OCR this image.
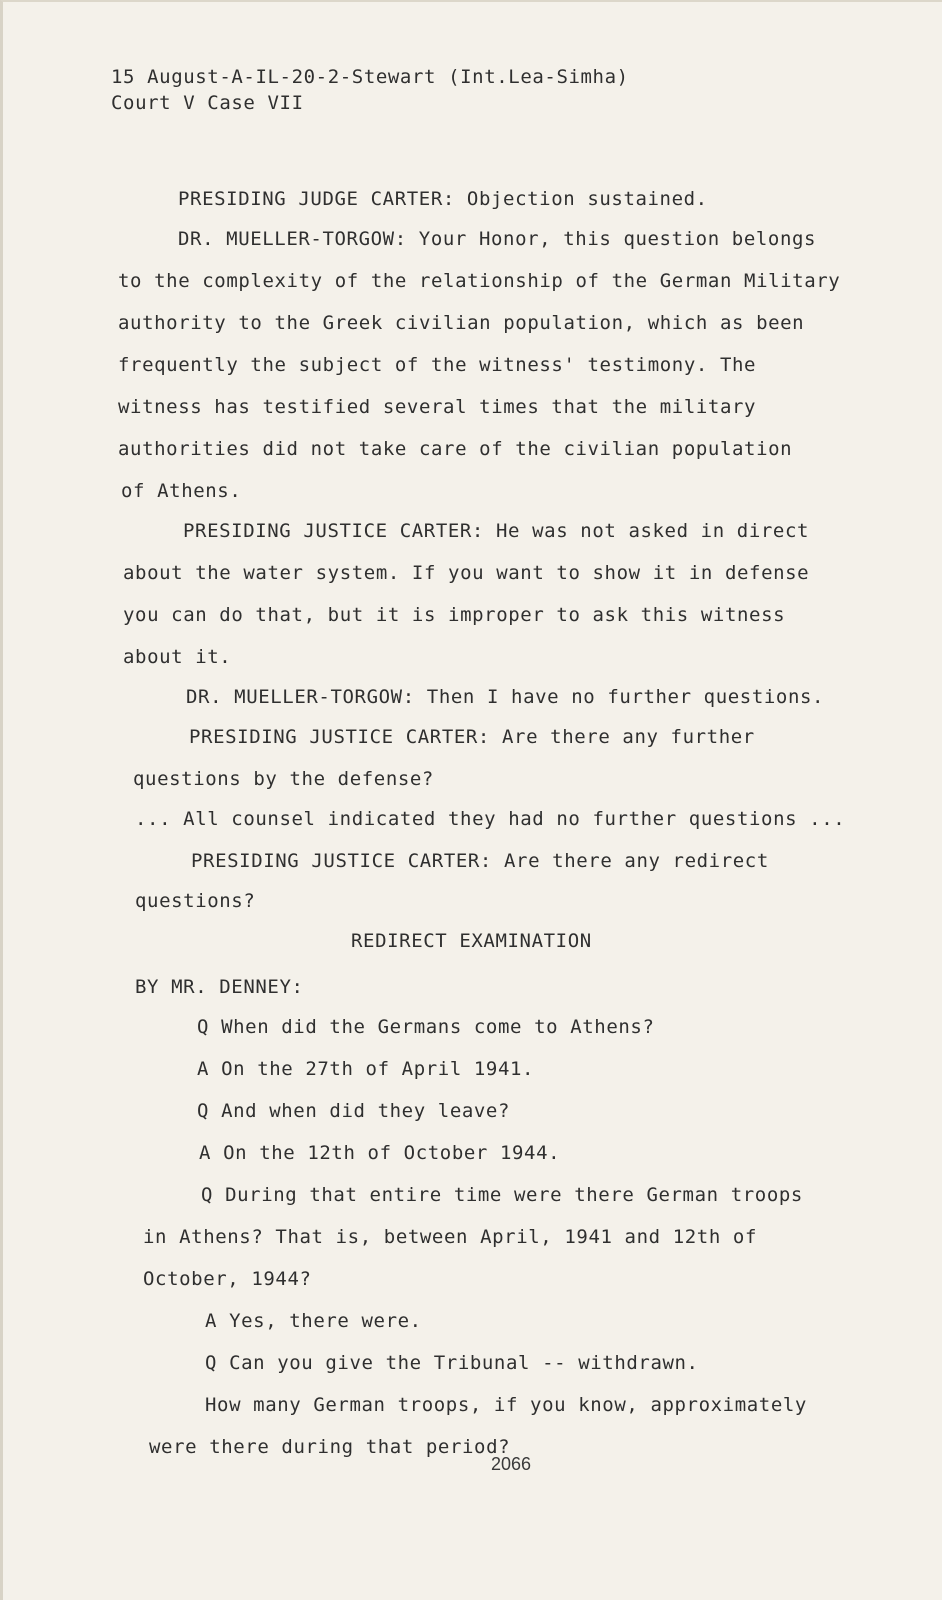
15 August-A-IL-20-2-Stewart (Int.Lea-Simha)
Court V Case VII
PRESIDING JUDGE CARTER: Objection sustained.
DR. MUELLER-TORGOW: Your Honor, this question belongs
to the complexity of the relationship of the German Military
authority to the Greek civilian population, which as been
frequently the subject of the witness' testimony. The
witness has testified several times that the military
authorities did not take care of the civilian population
of Athens.
PRESIDING JUSTICE CARTER: He was not asked in direct
about the water system. If you want to show it in defense
you can do that, but it is improper to ask this witness
about it.
DR. MUELLER-TORGOW: Then I have no further questions.
PRESIDING JUSTICE CARTER: Are there any further
questions by the defense?
... All counsel indicated they had no further questions ...
PRESIDING JUSTICE CARTER: Are there any redirect
questions?
REDIRECT EXAMINATION
BY MR. DENNEY:
Q When did the Germans come to Athens?
A On the 27th of April 1941.
Q And when did they leave?
A On the 12th of October 1944.
Q During that entire time were there German troops
in Athens? That is, between April, 1941 and 12th of
October, 1944?
A Yes, there were.
Q Can you give the Tribunal -- withdrawn.
How many German troops, if you know, approximately
were there during that period?
2066
